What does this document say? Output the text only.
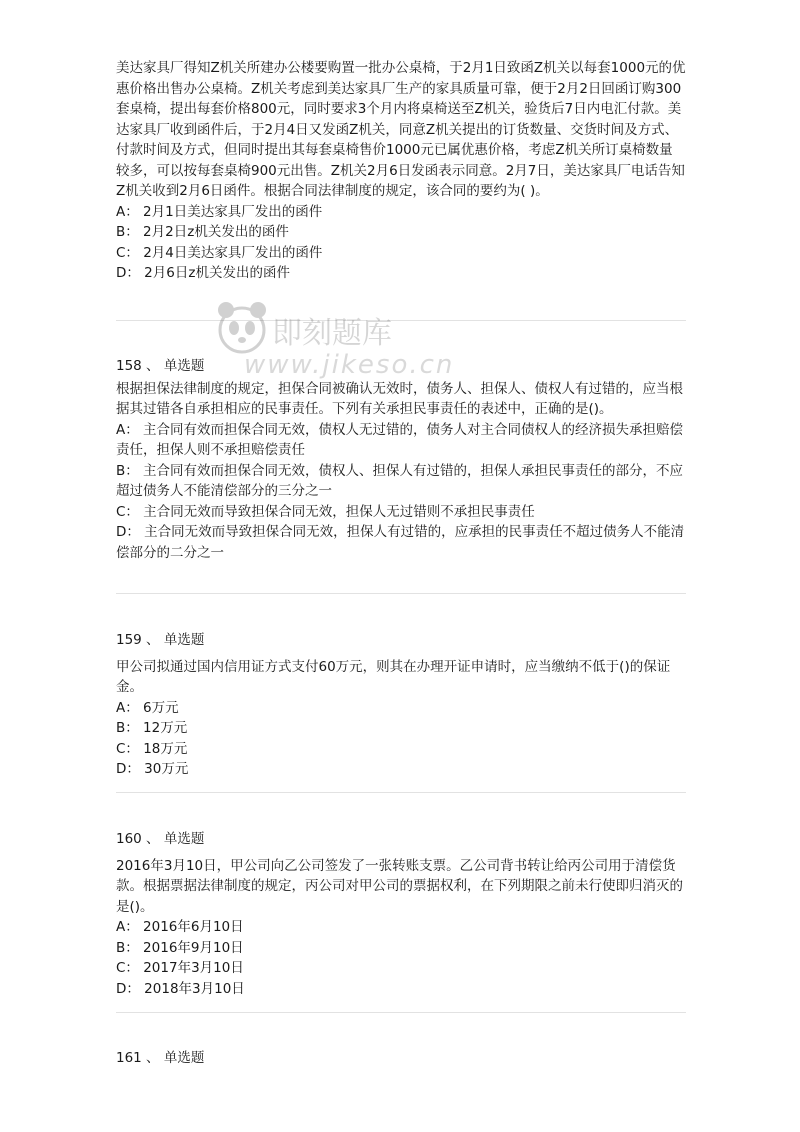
美达家具厂得知Z机关所建办公楼要购置一批办公桌椅，于2月1日致函Z机关以每套1000元的优惠价格出售办公桌椅。Z机关考虑到美达家具厂生产的家具质量可靠，便于2月2日回函订购300套桌椅，提出每套价格800元，同时要求3个月内将桌椅送至Z机关，验货后7日内电汇付款。美达家具厂收到函件后，于2月4日又发函Z机关，同意Z机关提出的订货数量、交货时间及方式、付款时间及方式，但同时提出其每套桌椅售价1000元已属优惠价格，考虑Z机关所订桌椅数量较多，可以按每套桌椅900元出售。Z机关2月6日发函表示同意。2月7日，美达家具厂电话告知Z机关收到2月6日函件。根据合同法律制度的规定，该合同的要约为( )。

A： 2月1日美达家具厂发出的函件

B： 2月2日z机关发出的函件

C： 2月4日美达家具厂发出的函件

D： 2月6日z机关发出的函件

158 、 单选题

根据担保法律制度的规定，担保合同被确认无效时，债务人、担保人、债权人有过错的，应当根据其过错各自承担相应的民事责任。下列有关承担民事责任的表述中，正确的是()。

A： 主合同有效而担保合同无效，债权人无过错的，债务人对主合同债权人的经济损失承担赔偿责任，担保人则不承担赔偿责任

B： 主合同有效而担保合同无效，债权人、担保人有过错的，担保人承担民事责任的部分，不应超过债务人不能清偿部分的三分之一

C： 主合同无效而导致担保合同无效，担保人无过错则不承担民事责任

D： 主合同无效而导致担保合同无效，担保人有过错的，应承担的民事责任不超过债务人不能清偿部分的二分之一

159 、 单选题

甲公司拟通过国内信用证方式支付60万元，则其在办理开证申请时，应当缴纳不低于()的保证金。

A： 6万元

B： 12万元

C： 18万元

D： 30万元

160 、 单选题

2016年3月10日，甲公司向乙公司签发了一张转账支票。乙公司背书转让给丙公司用于清偿货款。根据票据法律制度的规定，丙公司对甲公司的票据权利，在下列期限之前未行使即归消灭的是()。

A： 2016年6月10日

B： 2016年9月10日

C： 2017年3月10日

D： 2018年3月10日

161 、 单选题

即刻题库
www.jikeso.cn
